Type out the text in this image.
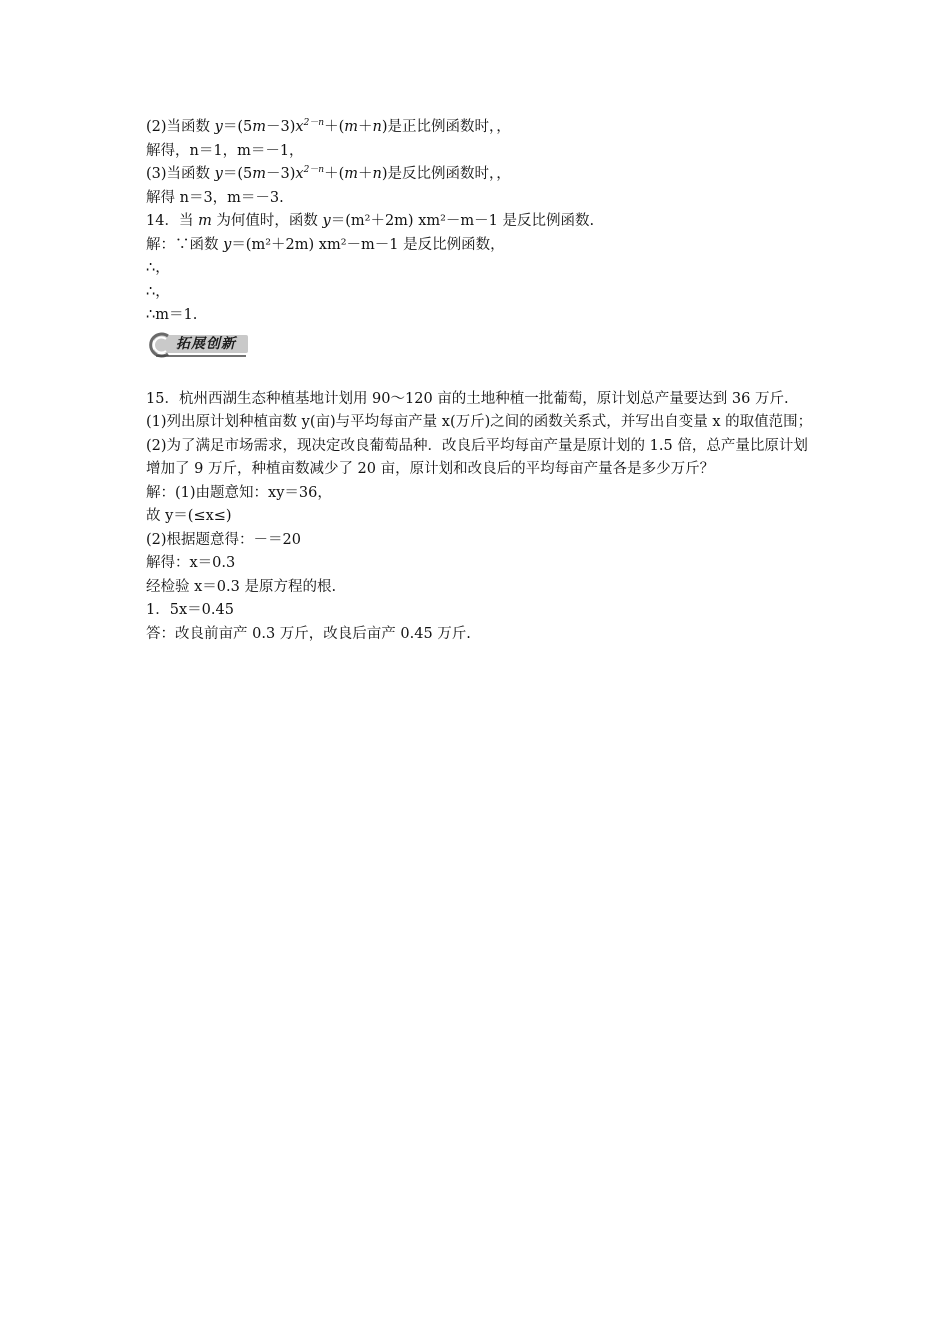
(2)当函数 $y=(5m-3)x^{2-n}+(m+n)$是正比例函数时，，
解得，n＝1，m＝－1，
(3)当函数 $y=(5m-3)x^{2-n}+(m+n)$是反比例函数时，，
解得 n＝3，m＝－3.
14．当 m 为何值时，函数 y＝(m²＋2m) xm²－m－1 是反比例函数.
解：∵函数 y＝(m²＋2m) xm²－m－1 是反比例函数，
∴，
∴，
∴m＝1.
拓展创新
15．杭州西湖生态种植基地计划用 90～120 亩的土地种植一批葡萄，原计划总产量要达到 36 万斤.
(1)列出原计划种植亩数 y(亩)与平均每亩产量 x(万斤)之间的函数关系式，并写出自变量 x 的取值范围；
(2)为了满足市场需求，现决定改良葡萄品种．改良后平均每亩产量是原计划的 1.5 倍，总产量比原计划增加了 9 万斤，种植亩数减少了 20 亩，原计划和改良后的平均每亩产量各是多少万斤？
解：(1)由题意知：xy＝36，
故 y＝(≤x≤)
(2)根据题意得：－＝20
解得：x＝0.3
经检验 x＝0.3 是原方程的根.
1．5x＝0.45
答：改良前亩产 0.3 万斤，改良后亩产 0.45 万斤.
